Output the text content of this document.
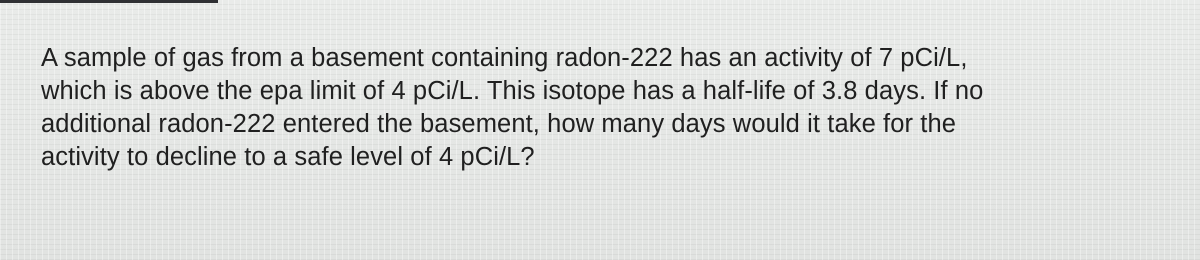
A sample of gas from a basement containing radon-222 has an activity of 7 pCi/L,
which is above the epa limit of 4 pCi/L. This isotope has a half-life of 3.8 days. If no
additional radon-222 entered the basement, how many days would it take for the
activity to decline to a safe level of 4 pCi/L?
